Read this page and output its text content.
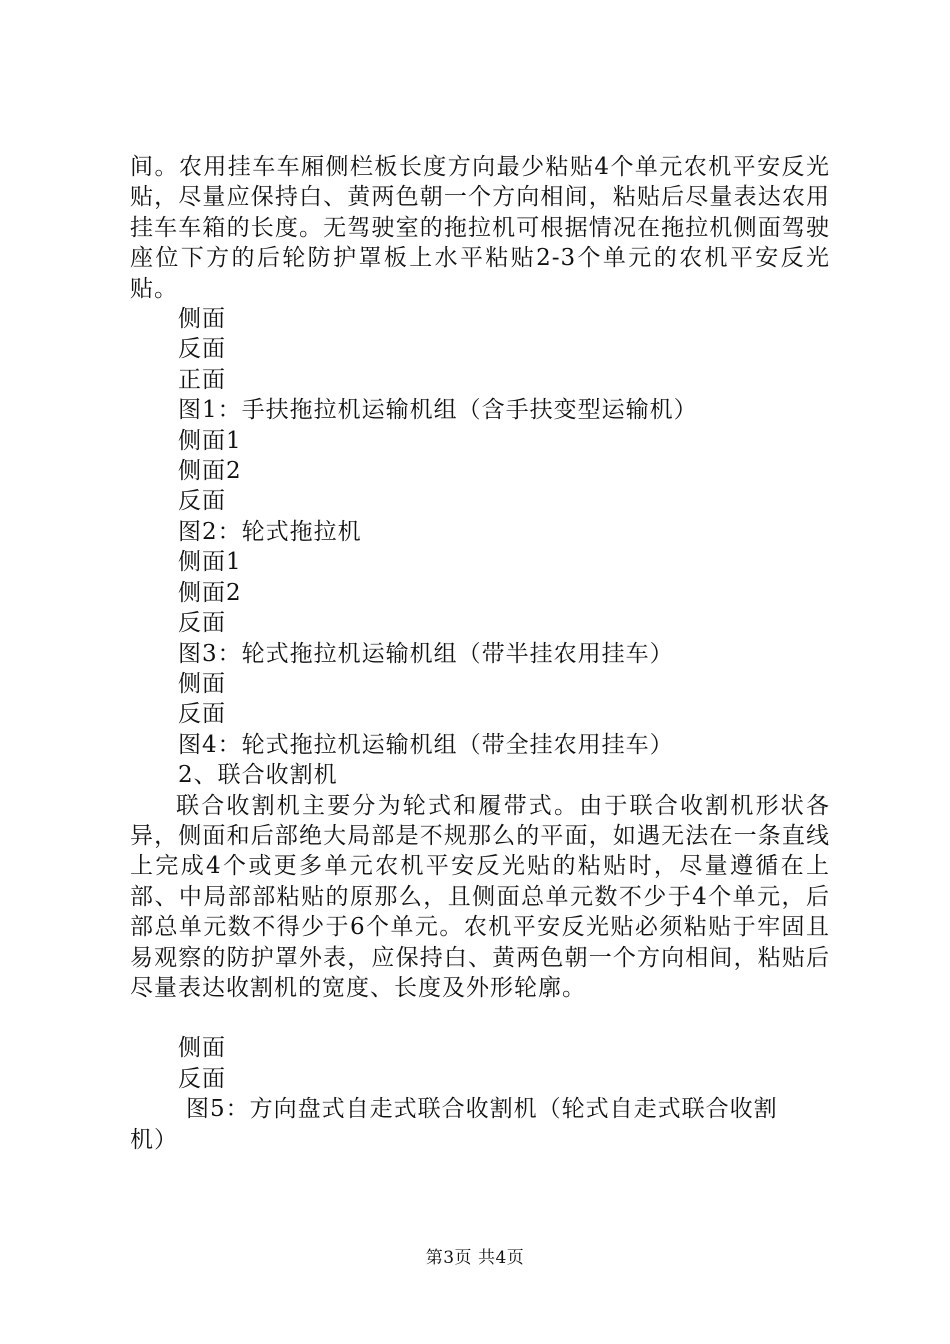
间。农用挂车车厢侧栏板长度方向最少粘贴4个单元农机平安反光贴，尽量应保持白、黄两色朝一个方向相间，粘贴后尽量表达农用挂车车箱的长度。无驾驶室的拖拉机可根据情况在拖拉机侧面驾驶座位下方的后轮防护罩板上水平粘贴2-3个单元的农机平安反光贴。

侧面

反面

正面

图1：手扶拖拉机运输机组（含手扶变型运输机）

侧面1

侧面2

反面

图2：轮式拖拉机

侧面1

侧面2

反面

图3：轮式拖拉机运输机组（带半挂农用挂车）

侧面

反面

图4：轮式拖拉机运输机组（带全挂农用挂车）

2、联合收割机

联合收割机主要分为轮式和履带式。由于联合收割机形状各异，侧面和后部绝大局部是不规那么的平面，如遇无法在一条直线上完成4个或更多单元农机平安反光贴的粘贴时，尽量遵循在上部、中局部部粘贴的原那么，且侧面总单元数不少于4个单元，后部总单元数不得少于6个单元。农机平安反光贴必须粘贴于牢固且易观察的防护罩外表，应保持白、黄两色朝一个方向相间，粘贴后尽量表达收割机的宽度、长度及外形轮廓。

侧面

反面

图5：方向盘式自走式联合收割机（轮式自走式联合收割
机）

第3页 共4页
